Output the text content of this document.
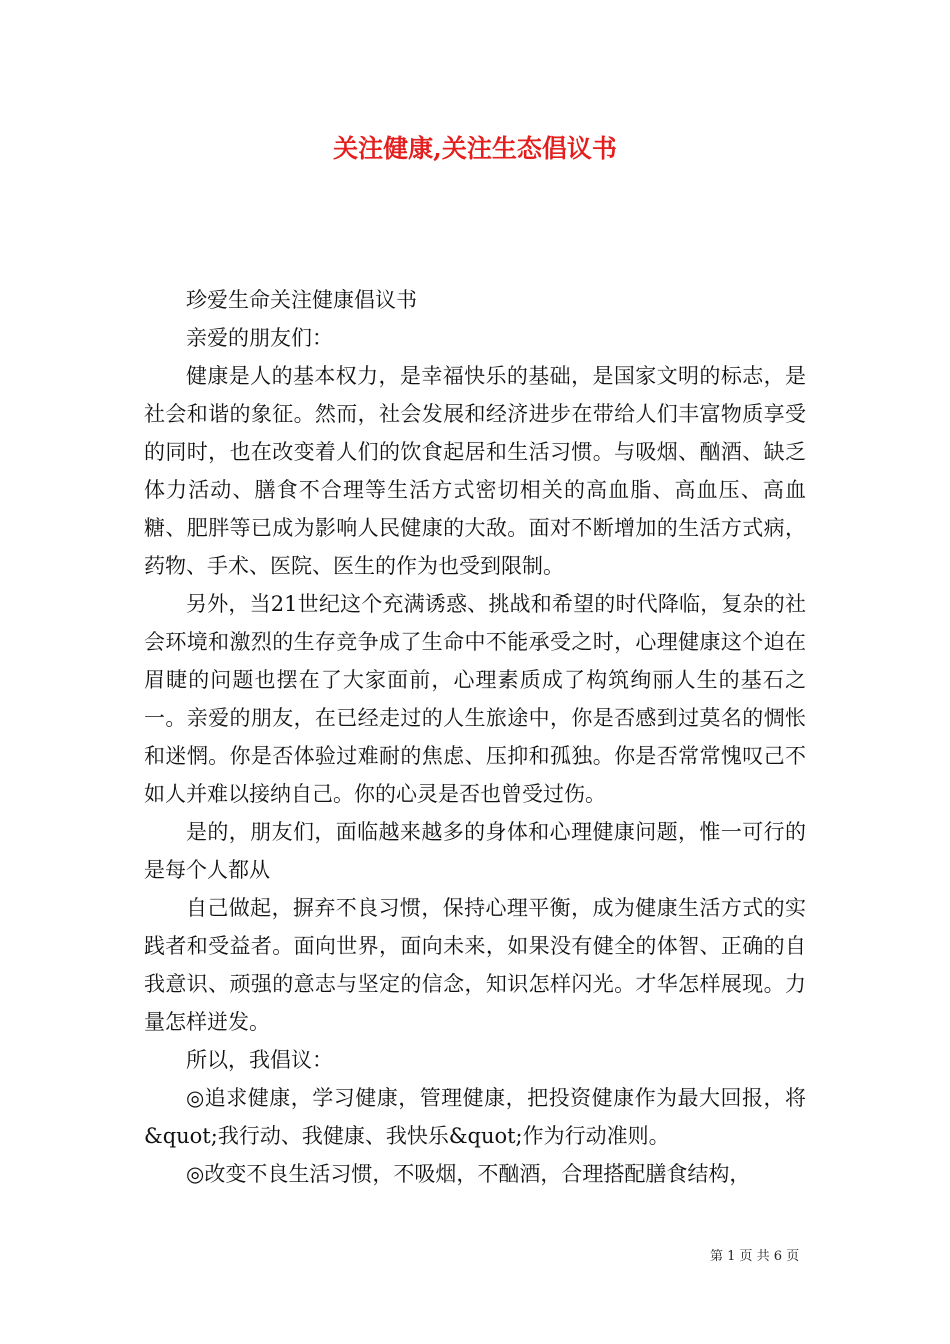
关注健康,关注生态倡议书

珍爱生命关注健康倡议书

亲爱的朋友们：

健康是人的基本权力，是幸福快乐的基础，是国家文明的标志，是社会和谐的象征。然而，社会发展和经济进步在带给人们丰富物质享受的同时，也在改变着人们的饮食起居和生活习惯。与吸烟、酗酒、缺乏体力活动、膳食不合理等生活方式密切相关的高血脂、高血压、高血糖、肥胖等已成为影响人民健康的大敌。面对不断增加的生活方式病，药物、手术、医院、医生的作为也受到限制。

另外，当21世纪这个充满诱惑、挑战和希望的时代降临，复杂的社会环境和激烈的生存竞争成了生命中不能承受之时，心理健康这个迫在眉睫的问题也摆在了大家面前，心理素质成了构筑绚丽人生的基石之一。亲爱的朋友，在已经走过的人生旅途中，你是否感到过莫名的惆怅和迷惘。你是否体验过难耐的焦虑、压抑和孤独。你是否常常愧叹己不如人并难以接纳自己。你的心灵是否也曾受过伤。

是的，朋友们，面临越来越多的身体和心理健康问题，惟一可行的是每个人都从

自己做起，摒弃不良习惯，保持心理平衡，成为健康生活方式的实践者和受益者。面向世界，面向未来，如果没有健全的体智、正确的自我意识、顽强的意志与坚定的信念，知识怎样闪光。才华怎样展现。力量怎样迸发。

所以，我倡议：

◎追求健康，学习健康，管理健康，把投资健康作为最大回报，将&quot;我行动、我健康、我快乐&quot;作为行动准则。

◎改变不良生活习惯，不吸烟，不酗酒，合理搭配膳食结构，

第 1 页 共 6 页
